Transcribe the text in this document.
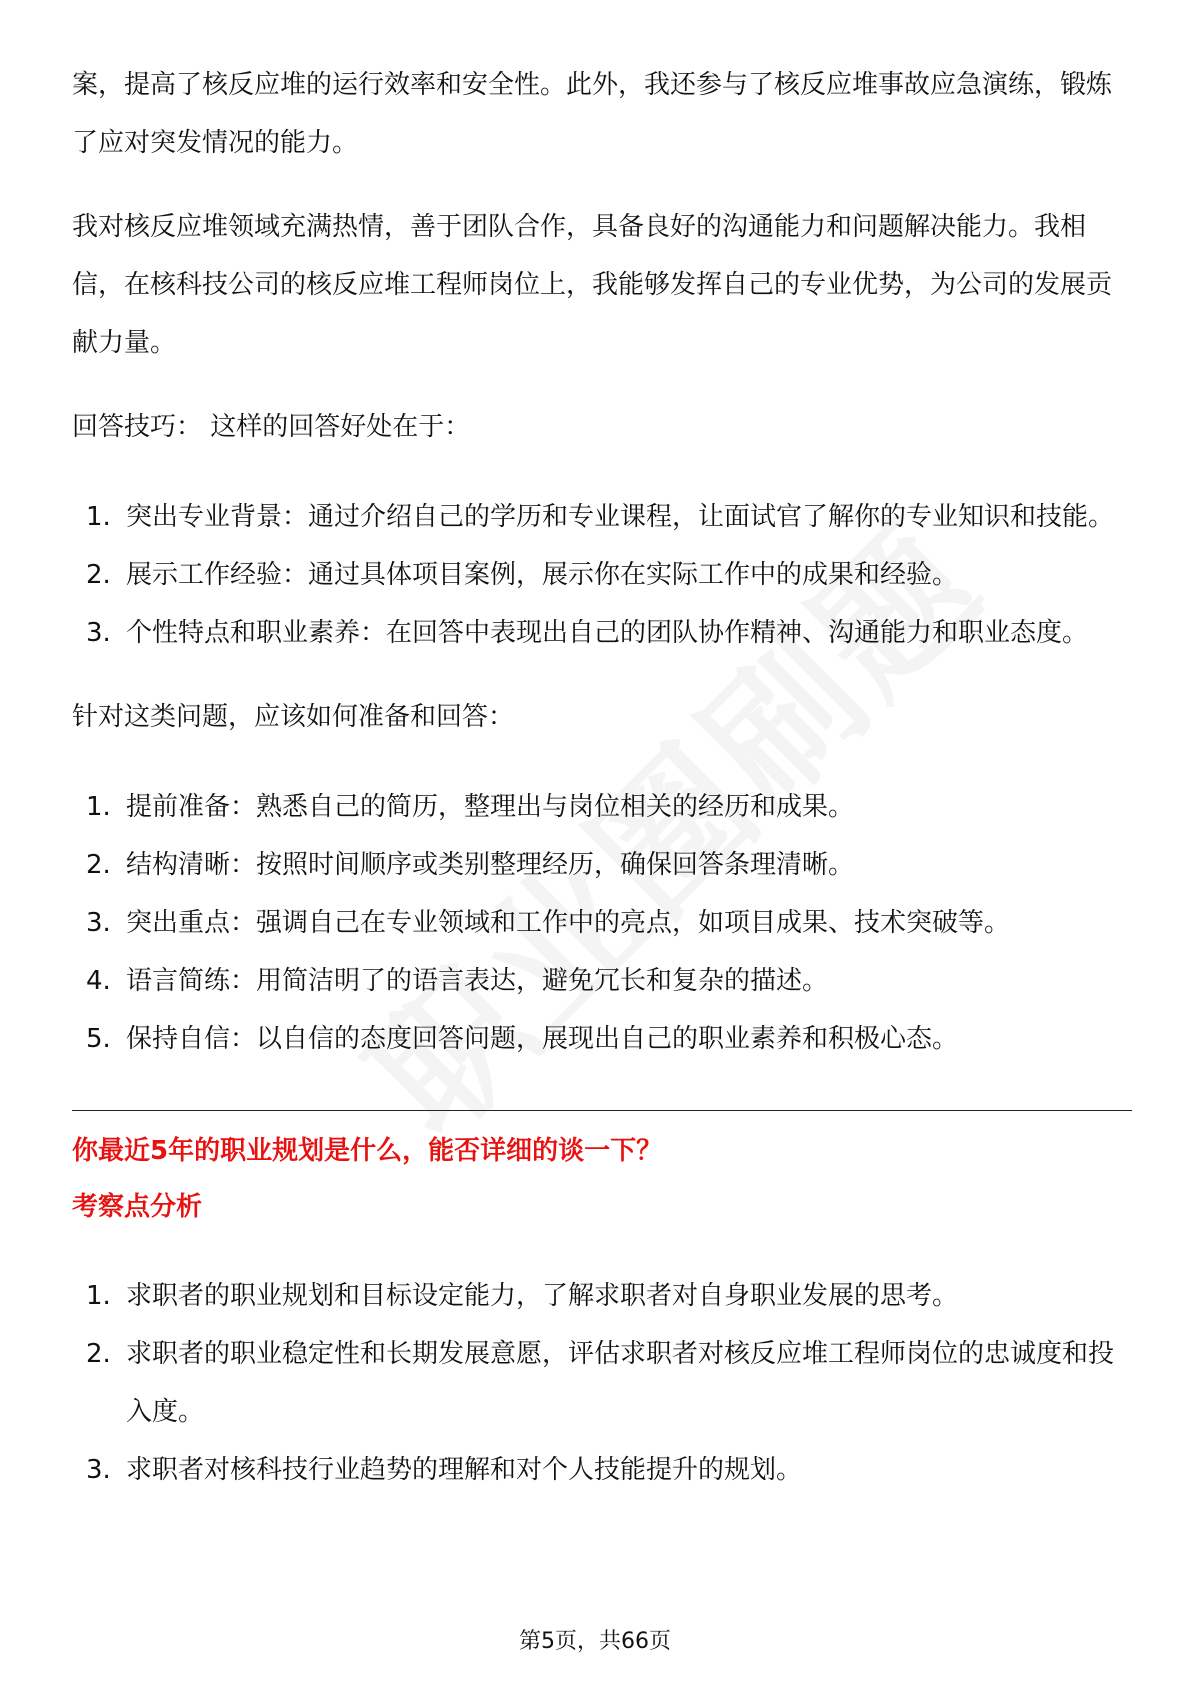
案，提高了核反应堆的运行效率和安全性。此外，我还参与了核反应堆事故应急演练，锻炼了应对突发情况的能力。

我对核反应堆领域充满热情，善于团队合作，具备良好的沟通能力和问题解决能力。我相信，在核科技公司的核反应堆工程师岗位上，我能够发挥自己的专业优势，为公司的发展贡献力量。

回答技巧： 这样的回答好处在于：

1. 突出专业背景：通过介绍自己的学历和专业课程，让面试官了解你的专业知识和技能。
2. 展示工作经验：通过具体项目案例，展示你在实际工作中的成果和经验。
3. 个性特点和职业素养：在回答中表现出自己的团队协作精神、沟通能力和职业态度。

针对这类问题，应该如何准备和回答：

1. 提前准备：熟悉自己的简历，整理出与岗位相关的经历和成果。
2. 结构清晰：按照时间顺序或类别整理经历，确保回答条理清晰。
3. 突出重点：强调自己在专业领域和工作中的亮点，如项目成果、技术突破等。
4. 语言简练：用简洁明了的语言表达，避免冗长和复杂的描述。
5. 保持自信：以自信的态度回答问题，展现出自己的职业素养和积极心态。

你最近5年的职业规划是什么，能否详细的谈一下？

考察点分析

1. 求职者的职业规划和目标设定能力，了解求职者对自身职业发展的思考。
2. 求职者的职业稳定性和长期发展意愿，评估求职者对核反应堆工程师岗位的忠诚度和投入度。
3. 求职者对核科技行业趋势的理解和对个人技能提升的规划。
第5页，共66页
